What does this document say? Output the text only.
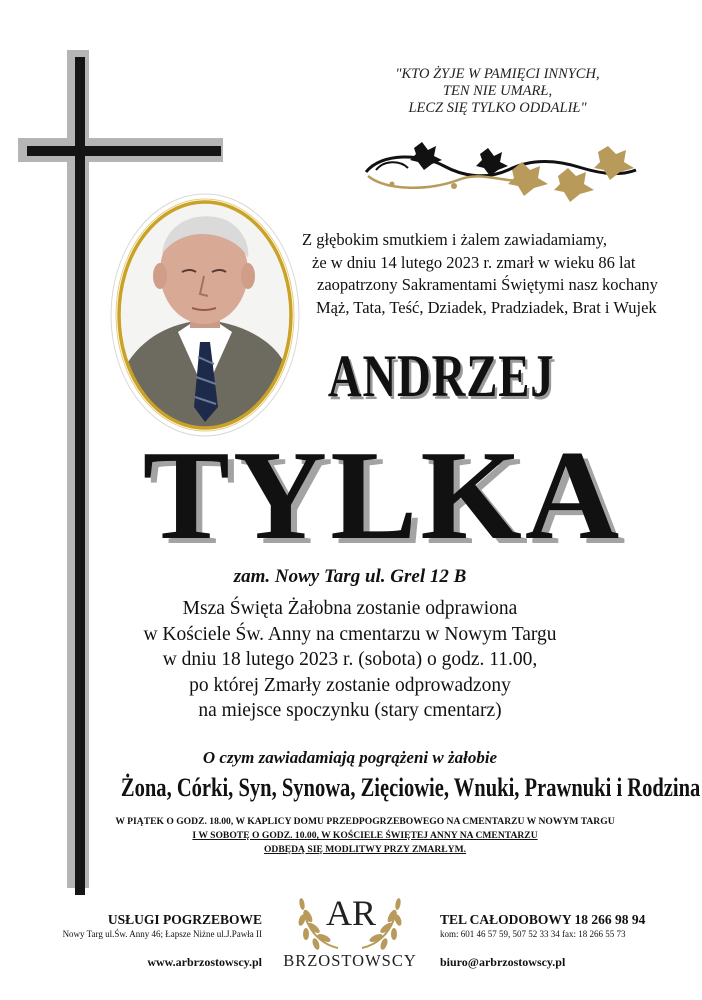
"KTO ŻYJE W PAMIĘCI INNYCH,
TEN NIE UMARŁ,
LECZ SIĘ TYLKO ODDALIŁ"
Z głębokim smutkiem i żalem zawiadamiamy,
że w dniu 14 lutego 2023 r. zmarł w wieku 86 lat
zaopatrzony Sakramentami Świętymi nasz kochany
Mąż, Tata, Teść, Dziadek, Pradziadek, Brat i Wujek
ANDRZEJ
TYLKA
zam. Nowy Targ ul. Grel 12 B
Msza Święta Żałobna zostanie odprawiona
w Kościele Św. Anny na cmentarzu w Nowym Targu
w dniu 18 lutego 2023 r. (sobota) o godz. 11.00,
po której Zmarły zostanie odprowadzony
na miejsce spoczynku (stary cmentarz)
O czym zawiadamiają pogrążeni w żałobie
Żona, Córki, Syn, Synowa, Zięciowie, Wnuki, Prawnuki i Rodzina
W PIĄTEK O GODZ. 18.00, W KAPLICY DOMU PRZEDPOGRZEBOWEGO NA CMENTARZU W NOWYM TARGU
I W SOBOTĘ O GODZ. 10.00, W KOŚCIELE ŚWIĘTEJ ANNY NA CMENTARZU
ODBĘDĄ SIĘ MODLITWY PRZY ZMARŁYM.
USŁUGI POGRZEBOWE
Nowy Targ ul.Św. Anny 46; Łapsze Niżne ul.J.Pawła II
www.arbrzostowscy.pl
AR
BRZOSTOWSCY
TEL CAŁODOBOWY 18 266 98 94
kom: 601 46 57 59, 507 52 33 34 fax: 18 266 55 73
biuro@arbrzostowscy.pl
